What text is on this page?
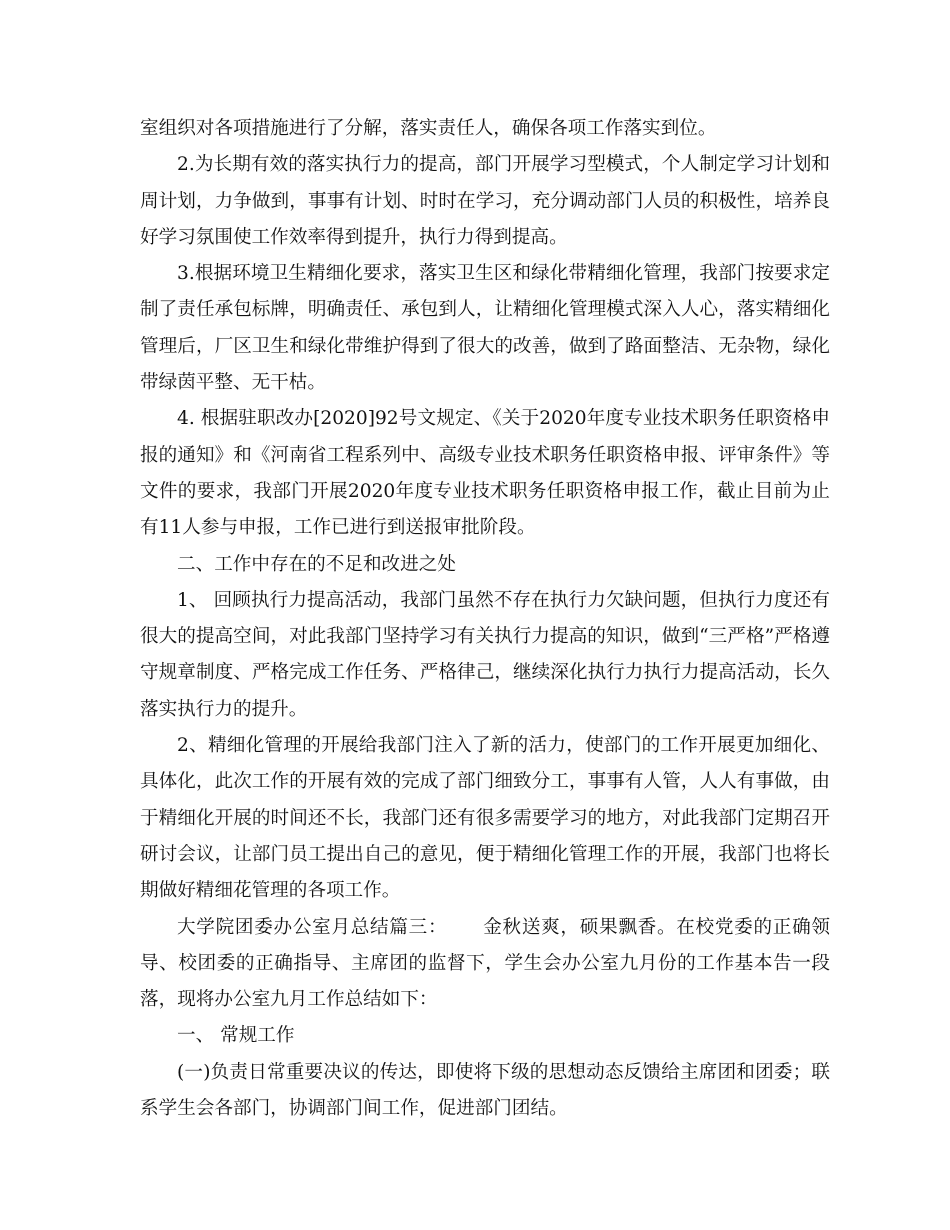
室组织对各项措施进行了分解，落实责任人，确保各项工作落实到位。

2.为长期有效的落实执行力的提高，部门开展学习型模式，个人制定学习计划和周计划，力争做到，事事有计划、时时在学习，充分调动部门人员的积极性，培养良好学习氛围使工作效率得到提升，执行力得到提高。

3.根据环境卫生精细化要求，落实卫生区和绿化带精细化管理，我部门按要求定制了责任承包标牌，明确责任、承包到人，让精细化管理模式深入人心，落实精细化管理后，厂区卫生和绿化带维护得到了很大的改善，做到了路面整洁、无杂物，绿化带绿茵平整、无干枯。

4. 根据驻职改办[2020]92号文规定、《关于2020年度专业技术职务任职资格申报的通知》和《河南省工程系列中、高级专业技术职务任职资格申报、评审条件》等文件的要求，我部门开展2020年度专业技术职务任职资格申报工作，截止目前为止有11人参与申报，工作已进行到送报审批阶段。

二、工作中存在的不足和改进之处

1、 回顾执行力提高活动，我部门虽然不存在执行力欠缺问题，但执行力度还有很大的提高空间，对此我部门坚持学习有关执行力提高的知识，做到“三严格”严格遵守规章制度、严格完成工作任务、严格律己，继续深化执行力执行力提高活动，长久落实执行力的提升。

2、精细化管理的开展给我部门注入了新的活力，使部门的工作开展更加细化、具体化，此次工作的开展有效的完成了部门细致分工，事事有人管，人人有事做，由于精细化开展的时间还不长，我部门还有很多需要学习的地方，对此我部门定期召开研讨会议，让部门员工提出自己的意见，便于精细化管理工作的开展，我部门也将长期做好精细花管理的各项工作。

大学院团委办公室月总结篇三：　　 金秋送爽，硕果飘香。在校党委的正确领导、校团委的正确指导、主席团的监督下，学生会办公室九月份的工作基本告一段落，现将办公室九月工作总结如下：

一、 常规工作

(一)负责日常重要决议的传达，即使将下级的思想动态反馈给主席团和团委；联系学生会各部门，协调部门间工作，促进部门团结。
